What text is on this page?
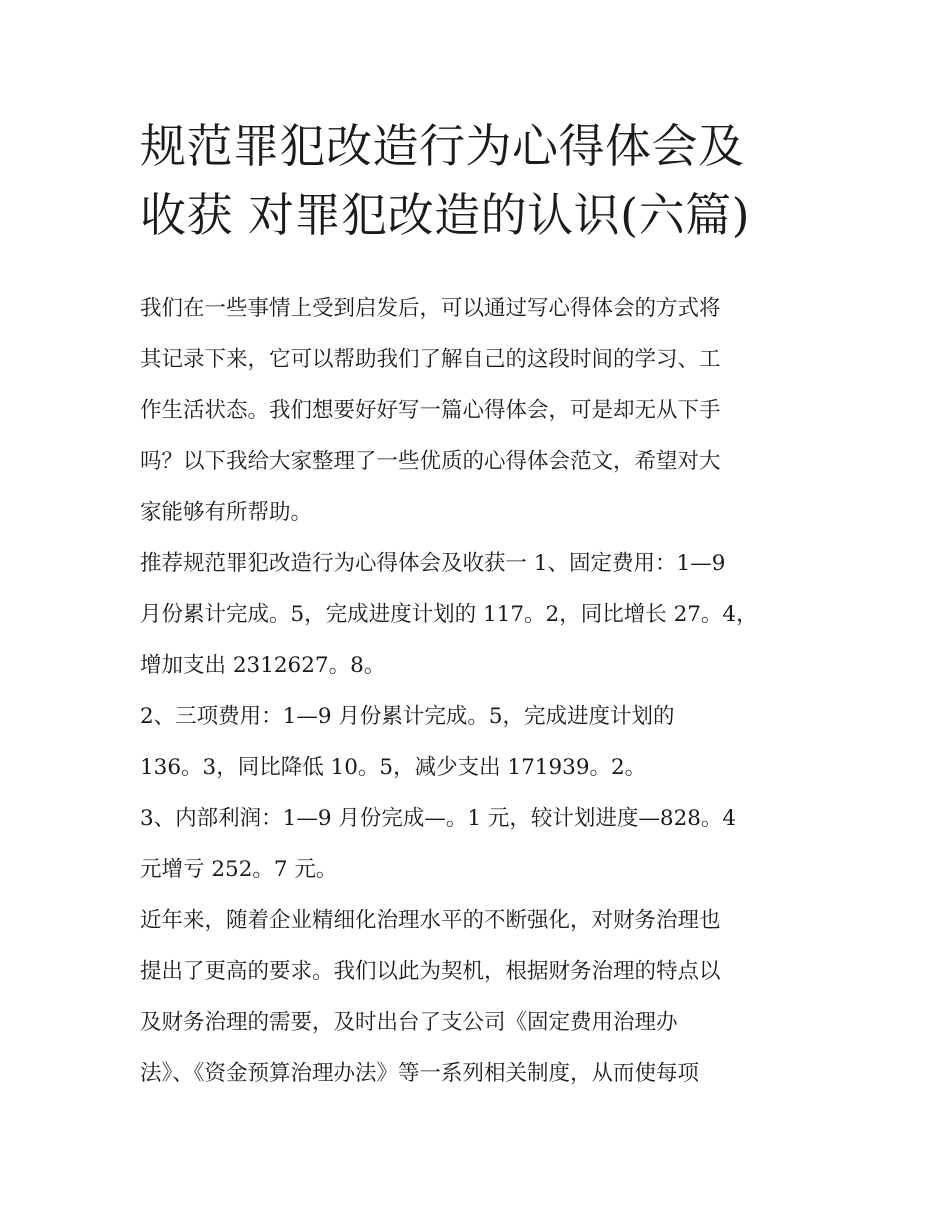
规范罪犯改造行为心得体会及
收获 对罪犯改造的认识(六篇)
我们在一些事情上受到启发后，可以通过写心得体会的方式将
其记录下来，它可以帮助我们了解自己的这段时间的学习、工
作生活状态。我们想要好好写一篇心得体会，可是却无从下手
吗？以下我给大家整理了一些优质的心得体会范文，希望对大
家能够有所帮助。
推荐规范罪犯改造行为心得体会及收获一 1、固定费用：1—9
月份累计完成。5，完成进度计划的 117。2，同比增长 27。4，
增加支出 2312627。8。
2、三项费用：1—9 月份累计完成。5，完成进度计划的
136。3，同比降低 10。5，减少支出 171939。2。
3、内部利润：1—9 月份完成—。1 元，较计划进度—828。4
元增亏 252。7 元。
近年来，随着企业精细化治理水平的不断强化，对财务治理也
提出了更高的要求。我们以此为契机，根据财务治理的特点以
及财务治理的需要，及时出台了支公司《固定费用治理办
法》、《资金预算治理办法》等一系列相关制度，从而使每项
